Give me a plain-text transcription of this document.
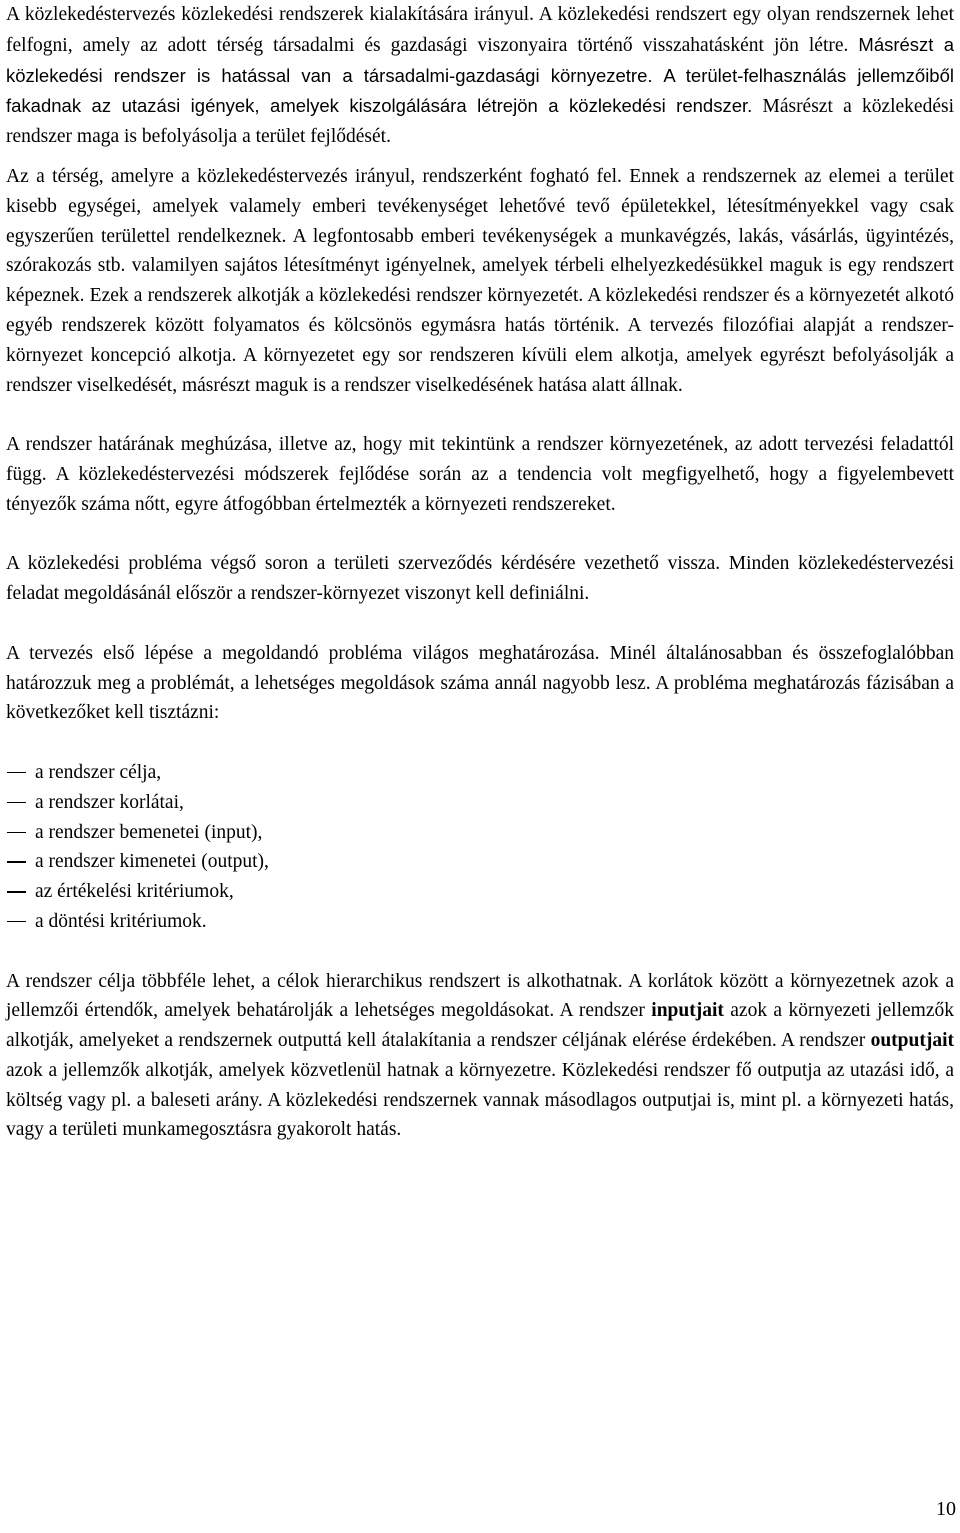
A közlekedéstervezés közlekedési rendszerek kialakítására irányul. A közlekedési rendszert egy olyan rendszernek lehet felfogni, amely az adott térség társadalmi és gazdasági viszonyaira történő visszahatásként jön létre. Másrészt a közlekedési rendszer is hatással van a társadalmi-gazdasági környezetre. A terület-felhasználás jellemzőiből fakadnak az utazási igények, amelyek kiszolgálására létrejön a közlekedési rendszer. Másrészt a közlekedési rendszer maga is befolyásolja a terület fejlődését.

Az a térség, amelyre a közlekedéstervezés irányul, rendszerként fogható fel. Ennek a rendszernek az elemei a terület kisebb egységei, amelyek valamely emberi tevékenységet lehetővé tevő épületekkel, létesítményekkel vagy csak egyszerűen területtel rendelkeznek. A legfontosabb emberi tevékenységek a munkavégzés, lakás, vásárlás, ügyintézés, szórakozás stb. valamilyen sajátos létesítményt igényelnek, amelyek térbeli elhelyezkedésükkel maguk is egy rendszert képeznek. Ezek a rendszerek alkotják a közlekedési rendszer környezetét. A közlekedési rendszer és a környezetét alkotó egyéb rendszerek között folyamatos és kölcsönös egymásra hatás történik. A tervezés filozófiai alapját a rendszer-környezet koncepció alkotja. A környezetet egy sor rendszeren kívüli elem alkotja, amelyek egyrészt befolyásolják a rendszer viselkedését, másrészt maguk is a rendszer viselkedésének hatása alatt állnak.

A rendszer határának meghúzása, illetve az, hogy mit tekintünk a rendszer környezetének, az adott tervezési feladattól függ. A közlekedéstervezési módszerek fejlődése során az a tendencia volt megfigyelhető, hogy a figyelembevett tényezők száma nőtt, egyre átfogóbban értelmezték a környezeti rendszereket.

A közlekedési probléma végső soron a területi szerveződés kérdésére vezethető vissza. Minden közlekedéstervezési feladat megoldásánál először a rendszer-környezet viszonyt kell definiálni.

A tervezés első lépése a megoldandó probléma világos meghatározása. Minél általánosabban és összefoglalóbban határozzuk meg a problémát, a lehetséges megoldások száma annál nagyobb lesz. A probléma meghatározás fázisában a következőket kell tisztázni:

a rendszer célja,
a rendszer korlátai,
a rendszer bemenetei (input),
a rendszer kimenetei (output),
az értékelési kritériumok,
a döntési kritériumok.

A rendszer célja többféle lehet, a célok hierarchikus rendszert is alkothatnak. A korlátok között a környezetnek azok a jellemzői értendők, amelyek behatárolják a lehetséges megoldásokat. A rendszer inputjait azok a környezeti jellemzők alkotják, amelyeket a rendszernek outputtá kell átalakítania a rendszer céljának elérése érdekében. A rendszer outputjait azok a jellemzők alkotják, amelyek közvetlenül hatnak a környezetre. Közlekedési rendszer fő outputja az utazási idő, a költség vagy pl. a baleseti arány. A közlekedési rendszernek vannak másodlagos outputjai is, mint pl. a környezeti hatás, vagy a területi munkamegosztásra gyakorolt hatás.

10
